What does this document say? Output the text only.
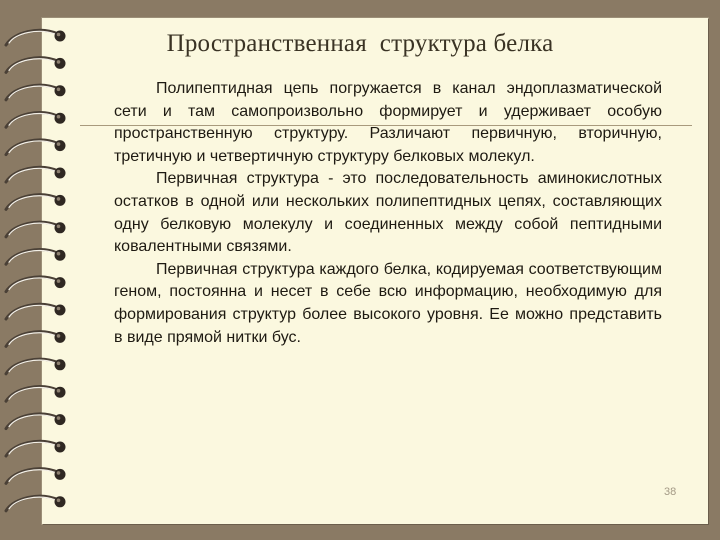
Пространственная  структура белка

Полипептидная цепь погружается в канал эндоплазматической сети и там самопроизвольно формирует и удерживает особую пространственную структуру. Различают первичную, вторичную, третичную и четвертичную структуру белковых молекул.

Первичная структура - это последовательность аминокислотных остатков в одной или нескольких полипептидных цепях, составляющих одну белковую молекулу и соединенных между собой пептидными ковалентными связями.

Первичная структура каждого белка, кодируемая соответствующим геном, постоянна и несет в себе всю информацию, необходимую для формирования структур более высокого уровня. Ее можно представить в виде прямой нитки бус.

38
